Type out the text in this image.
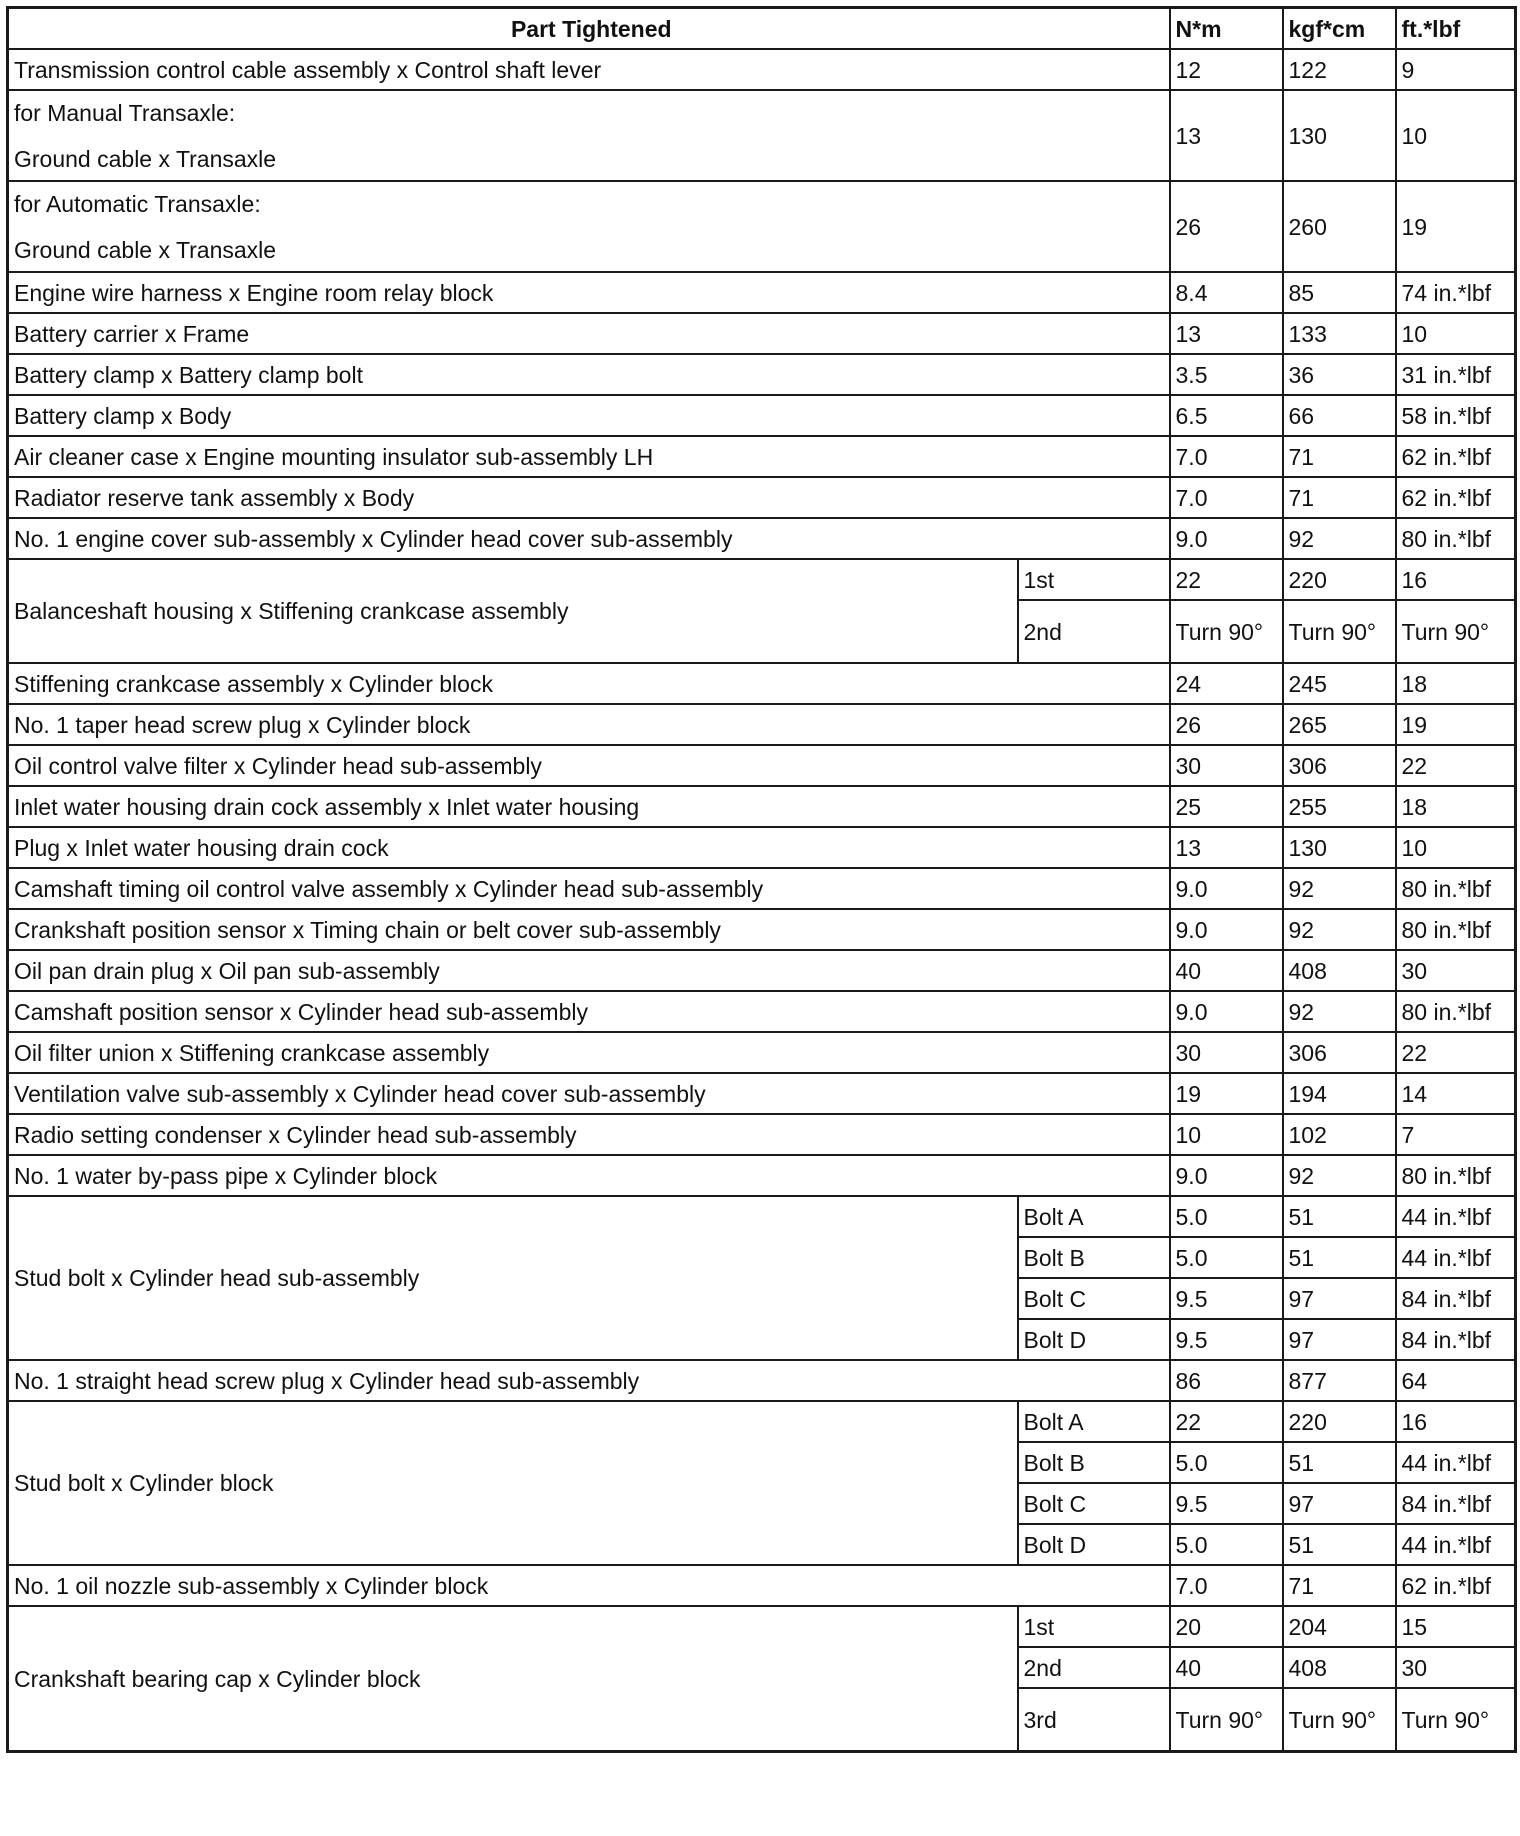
Part Tightened		N*m	kgf*cm	ft.*lbf
Transmission control cable assembly x Control shaft lever		12	122	9

for Manual Transaxle:
Ground cable x Transaxle		13	130	10

for Automatic Transaxle:
Ground cable x Transaxle		26	260	19
Engine wire harness x Engine room relay block		8.4	85	74 in.*lbf
Battery carrier x Frame		13	133	10
Battery clamp x Battery clamp bolt		3.5	36	31 in.*lbf
Battery clamp x Body		6.5	66	58 in.*lbf
Air cleaner case x Engine mounting insulator sub-assembly LH		7.0	71	62 in.*lbf
Radiator reserve tank assembly x Body		7.0	71	62 in.*lbf
No. 1 engine cover sub-assembly x Cylinder head cover sub-assembly		9.0	92	80 in.*lbf
Balanceshaft housing x Stiffening crankcase assembly	1st	22	220	16
	2nd	Turn 90°	Turn 90°	Turn 90°
Stiffening crankcase assembly x Cylinder block		24	245	18
No. 1 taper head screw plug x Cylinder block		26	265	19
Oil control valve filter x Cylinder head sub-assembly		30	306	22
Inlet water housing drain cock assembly x Inlet water housing		25	255	18
Plug x Inlet water housing drain cock		13	130	10
Camshaft timing oil control valve assembly x Cylinder head sub-assembly		9.0	92	80 in.*lbf
Crankshaft position sensor x Timing chain or belt cover sub-assembly		9.0	92	80 in.*lbf
Oil pan drain plug x Oil pan sub-assembly		40	408	30
Camshaft position sensor x Cylinder head sub-assembly		9.0	92	80 in.*lbf
Oil filter union x Stiffening crankcase assembly		30	306	22
Ventilation valve sub-assembly x Cylinder head cover sub-assembly		19	194	14
Radio setting condenser x Cylinder head sub-assembly		10	102	7
No. 1 water by-pass pipe x Cylinder block		9.0	92	80 in.*lbf
Stud bolt x Cylinder head sub-assembly	Bolt A	5.0	51	44 in.*lbf
	Bolt B	5.0	51	44 in.*lbf
	Bolt C	9.5	97	84 in.*lbf
	Bolt D	9.5	97	84 in.*lbf
No. 1 straight head screw plug x Cylinder head sub-assembly		86	877	64
Stud bolt x Cylinder block	Bolt A	22	220	16
	Bolt B	5.0	51	44 in.*lbf
	Bolt C	9.5	97	84 in.*lbf
	Bolt D	5.0	51	44 in.*lbf
No. 1 oil nozzle sub-assembly x Cylinder block		7.0	71	62 in.*lbf
Crankshaft bearing cap x Cylinder block	1st	20	204	15
	2nd	40	408	30
	3rd	Turn 90°	Turn 90°	Turn 90°
